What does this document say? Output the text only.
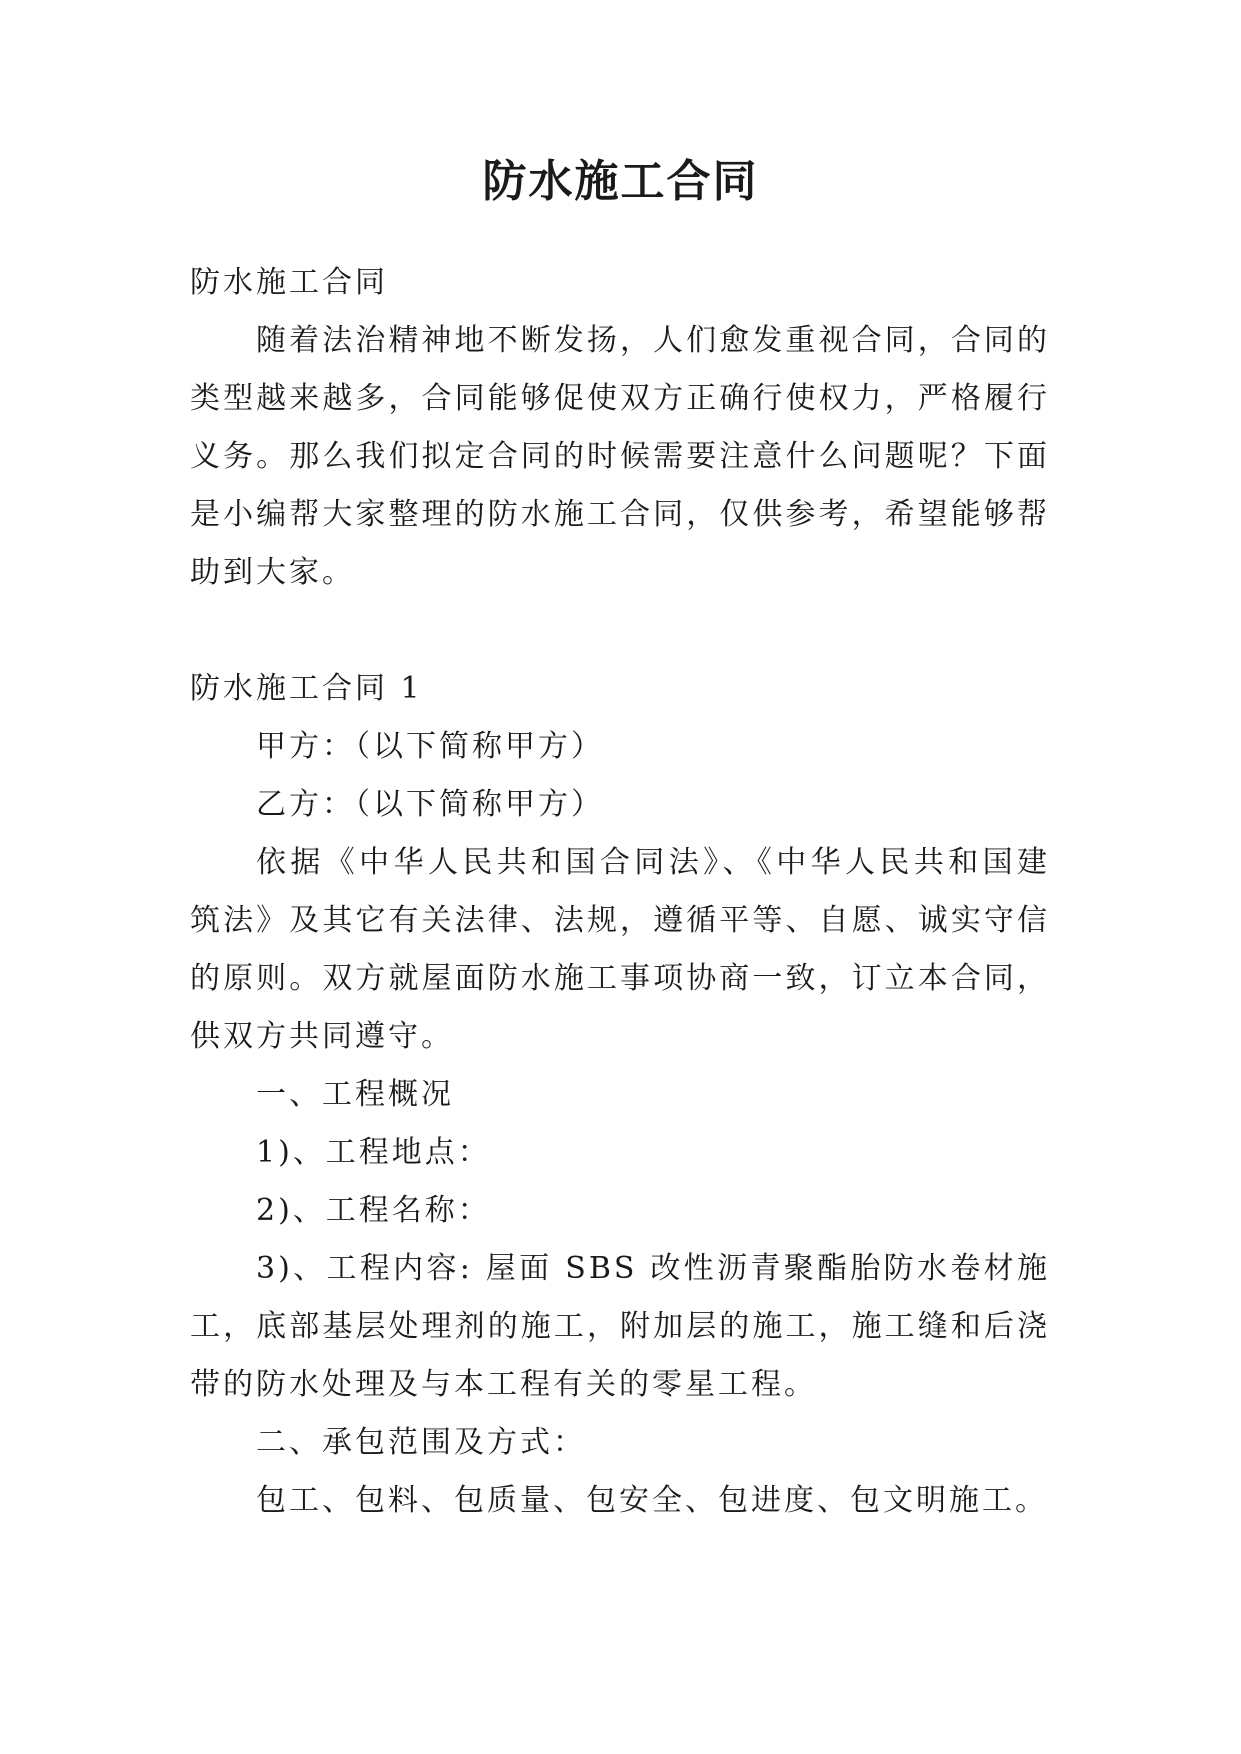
防水施工合同

防水施工合同

随着法治精神地不断发扬，人们愈发重视合同，合同的类型越来越多，合同能够促使双方正确行使权力，严格履行义务。那么我们拟定合同的时候需要注意什么问题呢？下面是小编帮大家整理的防水施工合同，仅供参考，希望能够帮助到大家。

防水施工合同 1

甲方：（以下简称甲方）

乙方：（以下简称甲方）

依据《中华人民共和国合同法》、《中华人民共和国建筑法》及其它有关法律、法规，遵循平等、自愿、诚实守信的原则。双方就屋面防水施工事项协商一致，订立本合同，供双方共同遵守。

一、工程概况

1)、工程地点：

2)、工程名称：

3)、工程内容: 屋面 SBS 改性沥青聚酯胎防水卷材施工，底部基层处理剂的施工，附加层的施工，施工缝和后浇带的防水处理及与本工程有关的零星工程。

二、承包范围及方式：

包工、包料、包质量、包安全、包进度、包文明施工。
